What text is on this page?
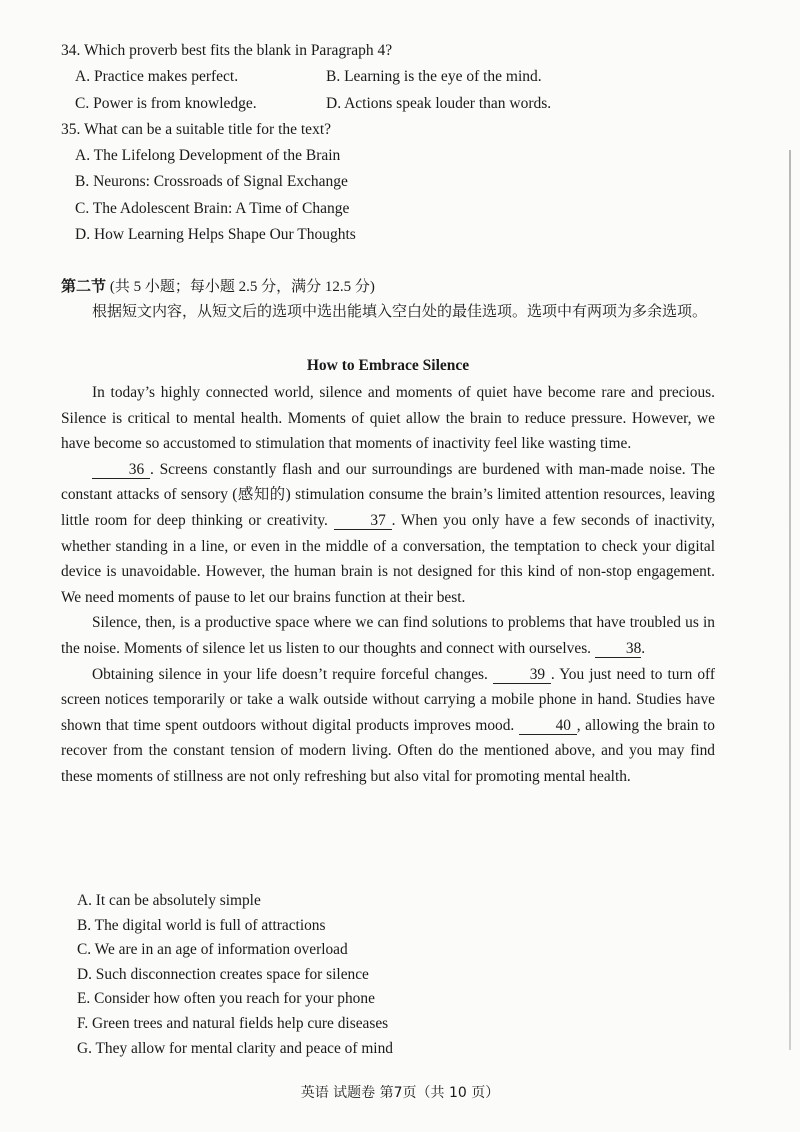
34. Which proverb best fits the blank in Paragraph 4?
A. Practice makes perfect.	B. Learning is the eye of the mind.
C. Power is from knowledge.	D. Actions speak louder than words.
35. What can be a suitable title for the text?
A. The Lifelong Development of the Brain
B. Neurons: Crossroads of Signal Exchange
C. The Adolescent Brain: A Time of Change
D. How Learning Helps Shape Our Thoughts
第二节 (共 5 小题；每小题 2.5 分，满分 12.5 分)

根据短文内容，从短文后的选项中选出能填入空白处的最佳选项。选项中有两项为多余选项。

How to Embrace Silence

In today’s highly connected world, silence and moments of quiet have become rare and precious. Silence is critical to mental health. Moments of quiet allow the brain to reduce pressure. However, we have become so accustomed to stimulation that moments of inactivity feel like wasting time.

36 . Screens constantly flash and our surroundings are burdened with man-made noise. The constant attacks of sensory (感知的) stimulation consume the brain’s limited attention resources, leaving little room for deep thinking or creativity. 37 . When you only have a few seconds of inactivity, whether standing in a line, or even in the middle of a conversation, the temptation to check your digital device is unavoidable. However, the human brain is not designed for this kind of non-stop engagement. We need moments of pause to let our brains function at their best.

Silence, then, is a productive space where we can find solutions to problems that have troubled us in the noise. Moments of silence let us listen to our thoughts and connect with ourselves. 38.

Obtaining silence in your life doesn’t require forceful changes. 39 . You just need to turn off screen notices temporarily or take a walk outside without carrying a mobile phone in hand. Studies have shown that time spent outdoors without digital products improves mood. 40 , allowing the brain to recover from the constant tension of modern living. Often do the mentioned above, and you may find these moments of stillness are not only refreshing but also vital for promoting mental health.

A. It can be absolutely simple
B. The digital world is full of attractions
C. We are in an age of information overload
D. Such disconnection creates space for silence
E. Consider how often you reach for your phone
F. Green trees and natural fields help cure diseases
G. They allow for mental clarity and peace of mind
英语 试题卷 第7页（共 10 页）
